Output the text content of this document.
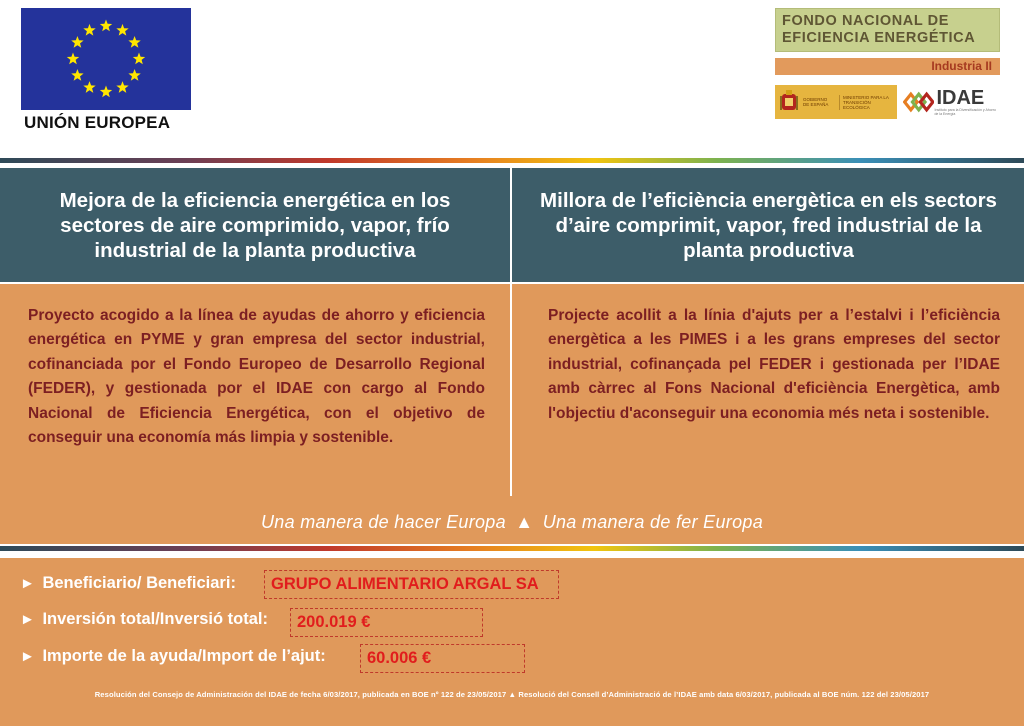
UNIÓN EUROPEA
FONDO NACIONAL DE EFICIENCIA ENERGÉTICA
Industria II
GOBIERNO DE ESPAÑA
MINISTERIO PARA LA TRANSICIÓN ECOLÓGICA	IDAE
Instituto para la Diversificación y Ahorro de la Energía
Mejora de la eficiencia energética en los sectores de aire comprimido, vapor, frío industrial de la planta productiva
Millora de l’eficiència energètica en els sectors d’aire comprimit, vapor, fred industrial de la planta productiva
Proyecto acogido a la línea de ayudas de ahorro y eficiencia energética en PYME y gran empresa del sector industrial, cofinanciada por el Fondo Europeo de Desarrollo Regional (FEDER), y gestionada por el IDAE con cargo al Fondo Nacional de Eficiencia Energética, con el objetivo de conseguir una economía más limpia y sostenible.
Projecte acollit a la línia d'ajuts per a l’estalvi i l’eficiència energètica a les PIMES i a les grans empreses del sector industrial, cofinançada pel FEDER i gestionada per l’IDAE amb càrrec al Fons Nacional d'eficiència Energètica, amb l'objectiu d'aconseguir una economia més neta i sostenible.
Una manera de hacer Europa ▲ Una manera de fer Europa
► Beneficiario/ Beneficiari:	GRUPO ALIMENTARIO ARGAL SA
► Inversión total/Inversió total:	200.019 €
► Importe de la ayuda/Import de l’ajut:	60.006 €
Resolución del Consejo de Administración del IDAE de fecha 6/03/2017, publicada en BOE nº 122 de 23/05/2017 ▲ Resolució del Consell d’Administració de l’IDAE amb data 6/03/2017, publicada al BOE núm. 122 del 23/05/2017
